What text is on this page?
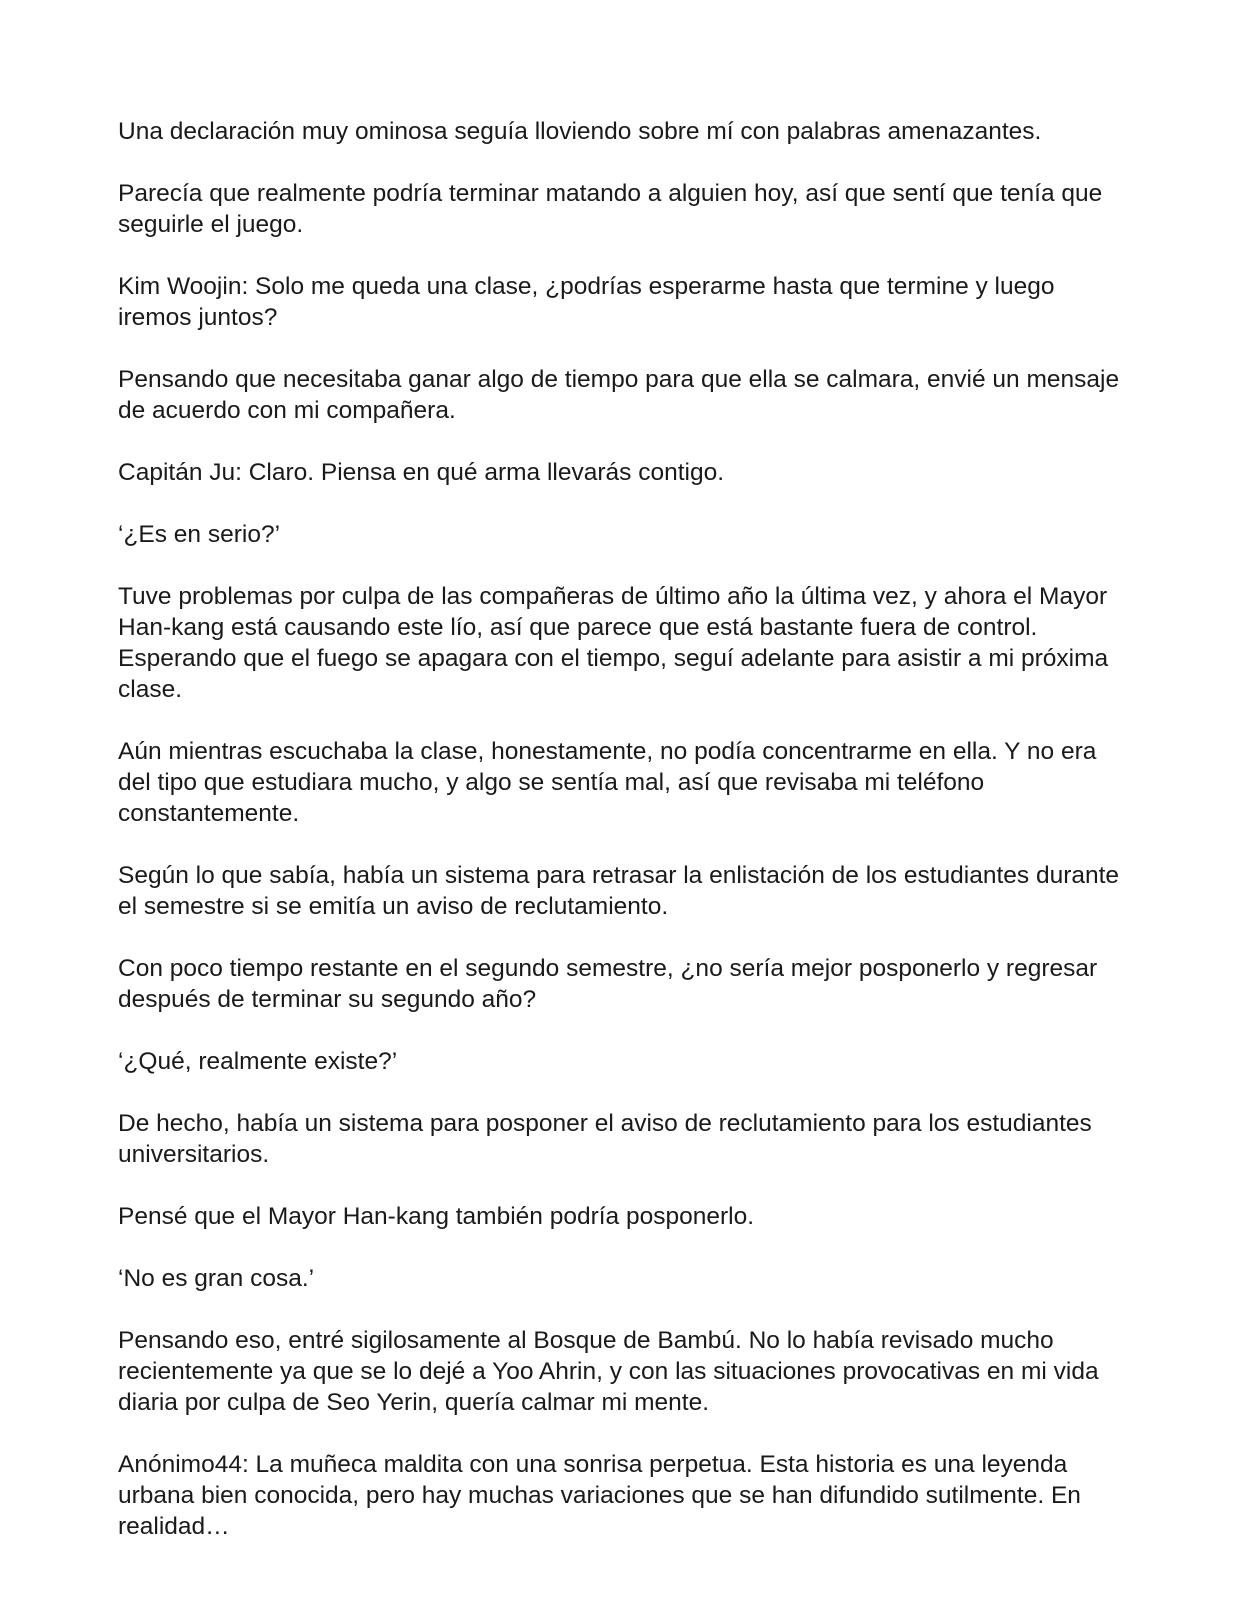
Una declaración muy ominosa seguía lloviendo sobre mí con palabras amenazantes.

Parecía que realmente podría terminar matando a alguien hoy, así que sentí que tenía que seguirle el juego.

Kim Woojin: Solo me queda una clase, ¿podrías esperarme hasta que termine y luego iremos juntos?

Pensando que necesitaba ganar algo de tiempo para que ella se calmara, envié un mensaje de acuerdo con mi compañera.

Capitán Ju: Claro. Piensa en qué arma llevarás contigo.

‘¿Es en serio?’

Tuve problemas por culpa de las compañeras de último año la última vez, y ahora el Mayor Han-kang está causando este lío, así que parece que está bastante fuera de control. Esperando que el fuego se apagara con el tiempo, seguí adelante para asistir a mi próxima clase.

Aún mientras escuchaba la clase, honestamente, no podía concentrarme en ella. Y no era del tipo que estudiara mucho, y algo se sentía mal, así que revisaba mi teléfono constantemente.

Según lo que sabía, había un sistema para retrasar la enlistación de los estudiantes durante el semestre si se emitía un aviso de reclutamiento.

Con poco tiempo restante en el segundo semestre, ¿no sería mejor posponerlo y regresar después de terminar su segundo año?

‘¿Qué, realmente existe?’

De hecho, había un sistema para posponer el aviso de reclutamiento para los estudiantes universitarios.

Pensé que el Mayor Han-kang también podría posponerlo.

‘No es gran cosa.’

Pensando eso, entré sigilosamente al Bosque de Bambú. No lo había revisado mucho recientemente ya que se lo dejé a Yoo Ahrin, y con las situaciones provocativas en mi vida diaria por culpa de Seo Yerin, quería calmar mi mente.

Anónimo44: La muñeca maldita con una sonrisa perpetua. Esta historia es una leyenda urbana bien conocida, pero hay muchas variaciones que se han difundido sutilmente. En realidad…
